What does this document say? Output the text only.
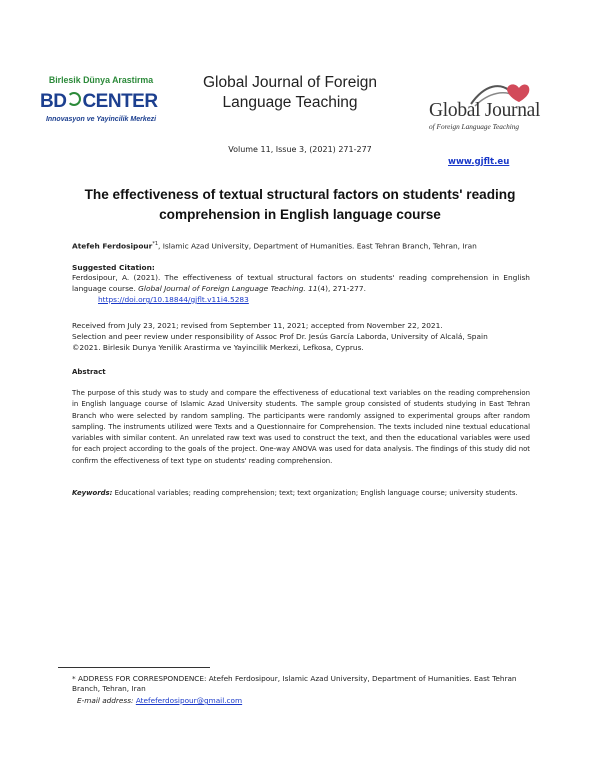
Birlesik Dünya Arastirma
BD CENTER
Innovasyon ve Yayincilik Merkezi
Global Journal of Foreign
Language Teaching	Global Journal
of Foreign Language Teaching
Volume 11, Issue 3, (2021) 271-277
www.gjflt.eu
The effectiveness of textual structural factors on students' reading
comprehension in English language course
Atefeh Ferdosipour$^{*1}$, Islamic Azad University, Department of Humanities. East Tehran Branch, Tehran, Iran
Suggested Citation:
Ferdosipour, A. (2021). The effectiveness of textual structural factors on students' reading comprehension in English language course. Global Journal of Foreign Language Teaching. 11(4), 271-277.
https://doi.org/10.18844/gjflt.v11i4.5283
Received from July 23, 2021; revised from September 11, 2021; accepted from November 22, 2021.
Selection and peer review under responsibility of Assoc Prof Dr. Jesús García Laborda, University of Alcalá, Spain
©2021. Birlesik Dunya Yenilik Arastirma ve Yayincilik Merkezi, Lefkosa, Cyprus.
Abstract
The purpose of this study was to study and compare the effectiveness of educational text variables on the reading comprehension in English language course of Islamic Azad University students. The sample group consisted of students studying in East Tehran Branch who were selected by random sampling. The participants were randomly assigned to experimental groups after random sampling. The instruments utilized were Texts and a Questionnaire for Comprehension. The texts included nine textual educational variables with similar content. An unrelated raw text was used to construct the text, and then the educational variables were used for each project according to the goals of the project. One-way ANOVA was used for data analysis. The findings of this study did not confirm the effectiveness of text type on students' reading comprehension.
Keywords: Educational variables; reading comprehension; text; text organization; English language course; university students.
* ADDRESS FOR CORRESPONDENCE: Atefeh Ferdosipour, Islamic Azad University, Department of Humanities. East Tehran Branch, Tehran, Iran
E-mail address: Atefeferdosipour@gmail.com
